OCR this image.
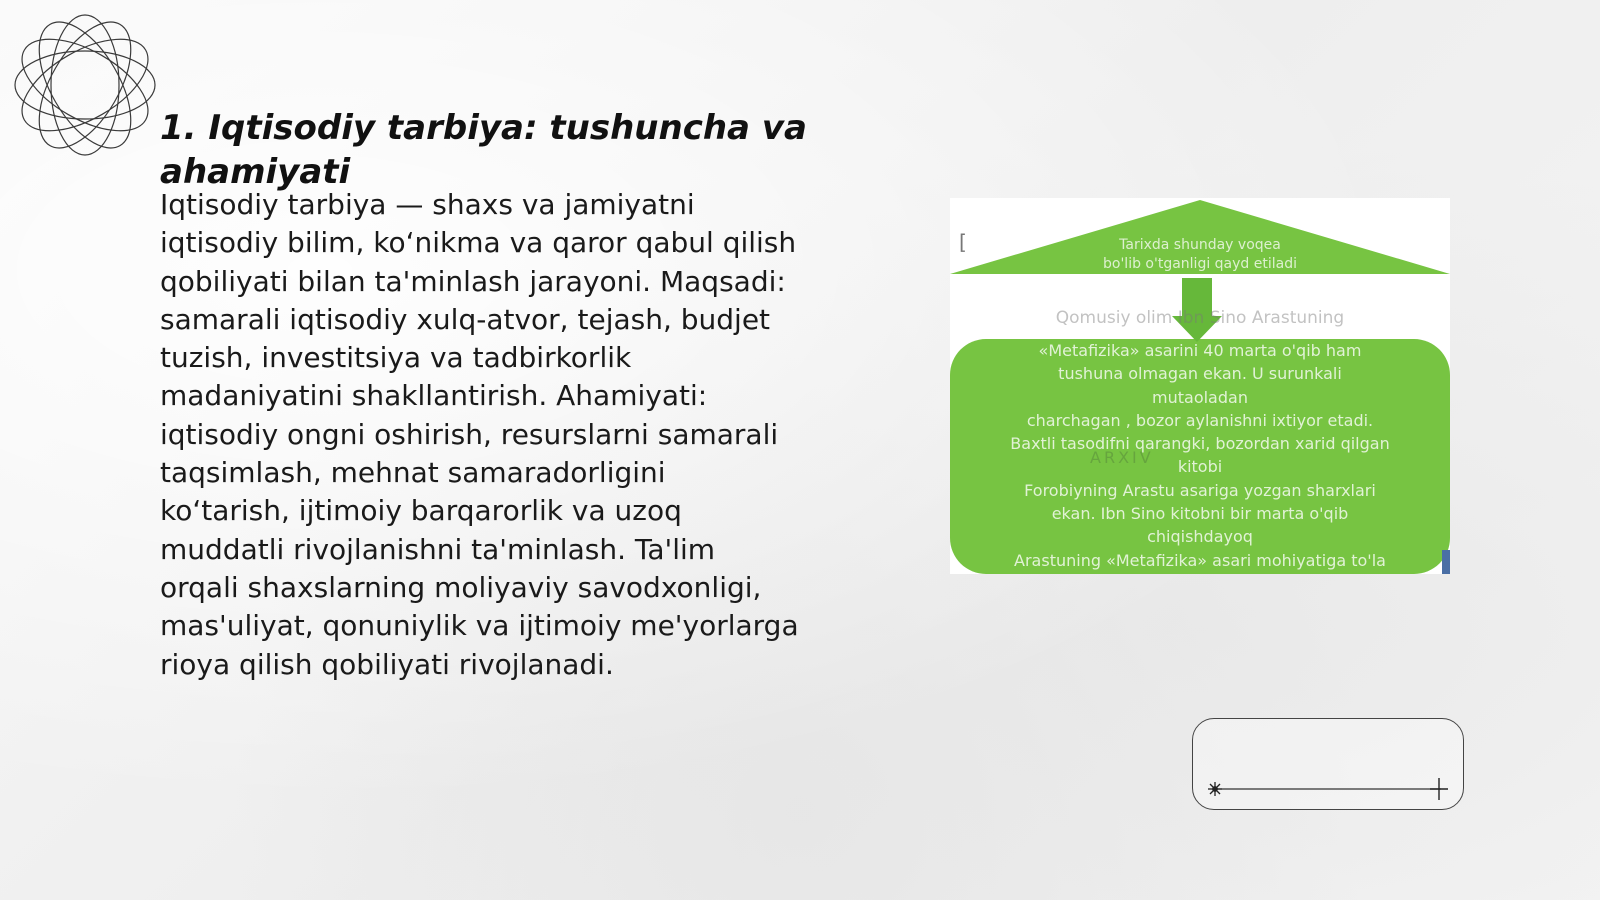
1. Iqtisodiy tarbiya: tushuncha va ahamiyati
Iqtisodiy tarbiya — shaxs va jamiyatni
iqtisodiy bilim, ko‘nikma va qaror qabul qilish
qobiliyati bilan ta'minlash jarayoni. Maqsadi:
samarali iqtisodiy xulq-atvor, tejash, budjet
tuzish, investitsiya va tadbirkorlik
madaniyatini shakllantirish. Ahamiyati:
iqtisodiy ongni oshirish, resurslarni samarali
taqsimlash, mehnat samaradorligini
ko‘tarish, ijtimoiy barqarorlik va uzoq
muddatli rivojlanishni ta'minlash. Ta'lim
orqali shaxslarning moliyaviy savodxonligi,
mas'uliyat, qonuniylik va ijtimoiy me'yorlarga
rioya qilish qobiliyati rivojlanadi.
[	Tarixda shunday voqea
bo'lib o'tganligi qayd etiladi
Qomusiy olim Ibn Sino Arastuning
«Metafizika» asarini 40 marta o'qib ham
tushuna olmagan ekan. U surunkali
mutaoladan
charchagan , bozor aylanishni ixtiyor etadi.
Baxtli tasodifni qarangki, bozordan xarid qilgan
kitobi
Forobiyning Arastu asariga yozgan sharxlari
ekan. Ibn Sino kitobni bir marta o'qib
chiqishdayoq
Arastuning «Metafizika» asari mohiyatiga to'la
ARXIV
